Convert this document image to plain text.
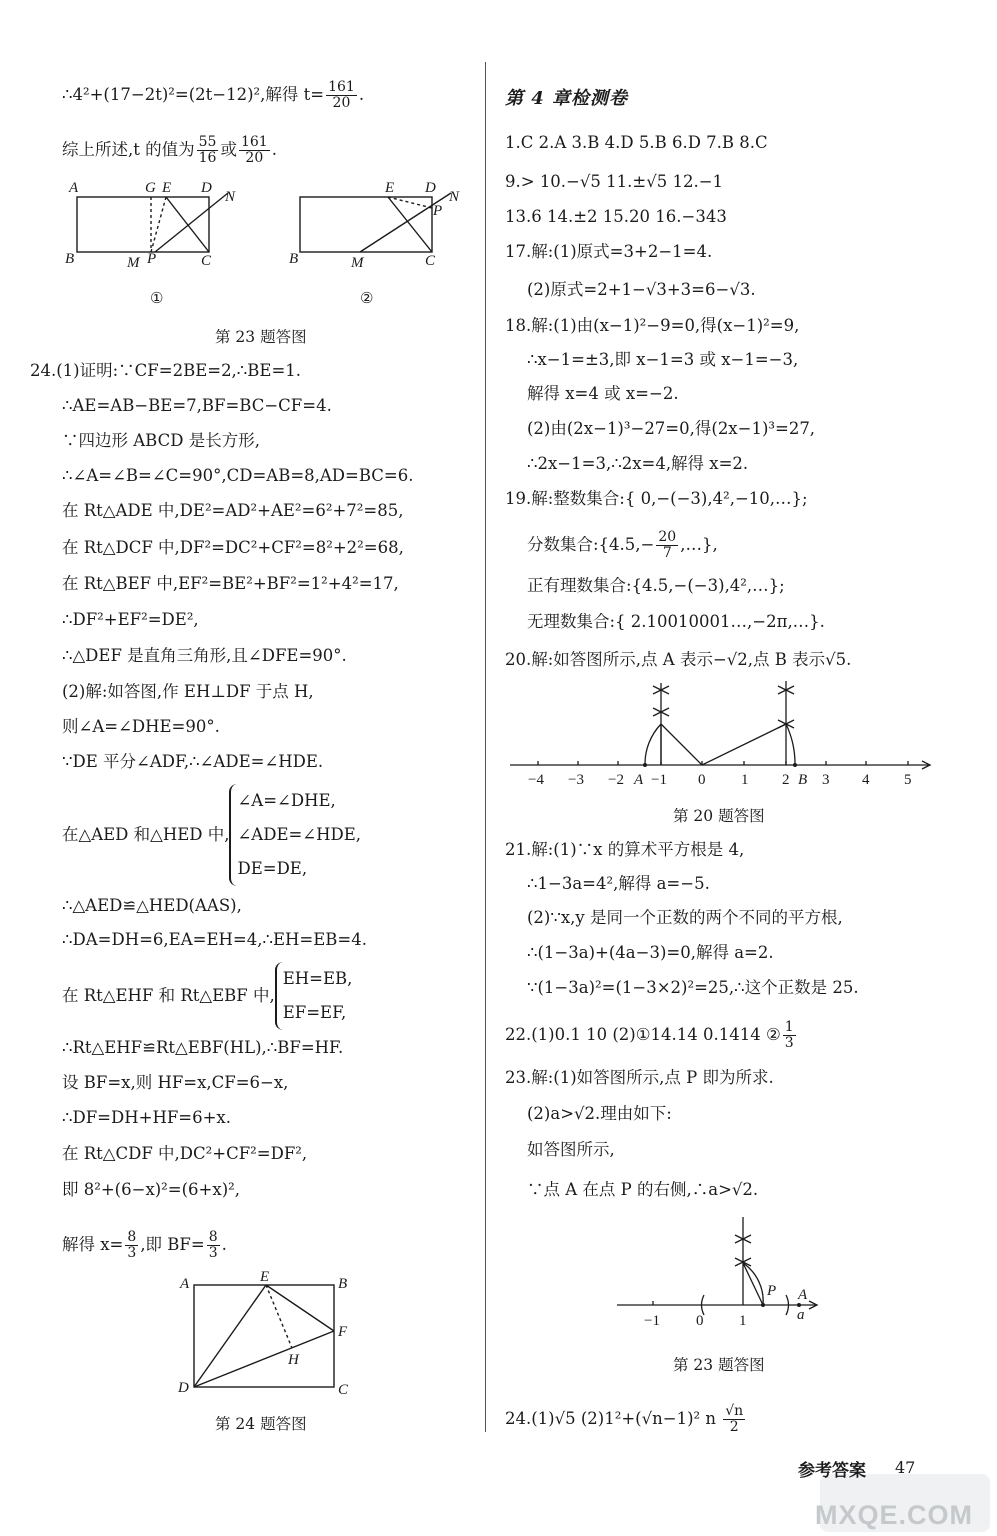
∴4²+(17−2t)²=(2t−12)²,解得 $t= \frac{161}{20}$ .
综上所述,t 的值为 $\frac{55}{16}$ 或 $\frac{161}{20}$ .
A	G E D
N
B	M P	C
①
E D
P
N
B	M	C
②
第 23 题答图
24.(1)证明:∵CF=2BE=2,∴BE=1.
∴AE=AB−BE=7,BF=BC−CF=4.
∵四边形 ABCD 是长方形,
∴∠A=∠B=∠C=90°,CD=AB=8,AD=BC=6.
在 Rt△ADE 中,DE²=AD²+AE²=6²+7²=85,
在 Rt△DCF 中,DF²=DC²+CF²=8²+2²=68,
在 Rt△BEF 中,EF²=BE²+BF²=1²+4²=17,
∴DF²+EF²=DE²,
∴△DEF 是直角三角形,且∠DFE=90°.
(2)解:如答图,作 EH⊥DF 于点 H,
则∠A=∠DHE=90°.
∵DE 平分∠ADF,∴∠ADE=∠HDE.
在△AED 和△HED 中,
∠A=∠DHE,
∠ADE=∠HDE,
DE=DE,
∴△AED≌△HED(AAS),
∴DA=DH=6,EA=EH=4,∴EH=EB=4.
在 Rt△EHF 和 Rt△EBF 中,
EH=EB,
EF=EF,
∴Rt△EHF≌Rt△EBF(HL),∴BF=HF.
设 BF=x,则 HF=x,CF=6−x,
∴DF=DH+HF=6+x.
在 Rt△CDF 中,DC²+CF²=DF²,
即 8²+(6−x)²=(6+x)²,
解得 $x= \frac{8}{3}$ ,即 $BF= \frac{8}{3}$ .
A	E	B
F
H
D	C
第 24 题答图
第 4 章检测卷
1.C 2.A 3.B 4.D 5.B 6.D 7.B 8.C
9.> 10.−√5 11.±√5 12.−1
13.6 14.±2 15.20 16.−343
17.解:(1)原式=3+2−1=4.
(2)原式=2+1−√3+3=6−√3.
18.解:(1)由(x−1)²−9=0,得(x−1)²=9,
∴x−1=±3,即 x−1=3 或 x−1=−3,
解得 x=4 或 x=−2.
(2)由(2x−1)³−27=0,得(2x−1)³=27,
∴2x−1=3,∴2x=4,解得 x=2.
19.解:整数集合:{ 0,−(−3),4²,−10,…};
分数集合:{4.5,− $\frac{20}{7}$ ,…},
正有理数集合:{4.5,−(−3),4²,…};
无理数集合:{ 2.10010001…,−2π,…}.
20.解:如答图所示,点 A 表示−√2,点 B 表示√5.
−4 −3 −2 −1 0 1 2 3 4 5
A	B
第 20 题答图
21.解:(1)∵x 的算术平方根是 4,
∴1−3a=4²,解得 a=−5.
(2)∵x,y 是同一个正数的两个不同的平方根,
∴(1−3a)+(4a−3)=0,解得 a=2.
∵(1−3a)²=(1−3×2)²=25,∴这个正数是 25.
22.(1)0.1 10 (2)①14.14 0.1414 ② $\frac{1}{3}$
23.解:(1)如答图所示,点 P 即为所求.
(2)a>√2.理由如下:
如答图所示,
∵点 A 在点 P 的右侧,∴a>√2.
−1 0 1
P A
a
第 23 题答图
24.(1)√5 (2)1²+(√n−1)² n $\frac{√n}{2}$
MXQE.COM
参考答案 47
